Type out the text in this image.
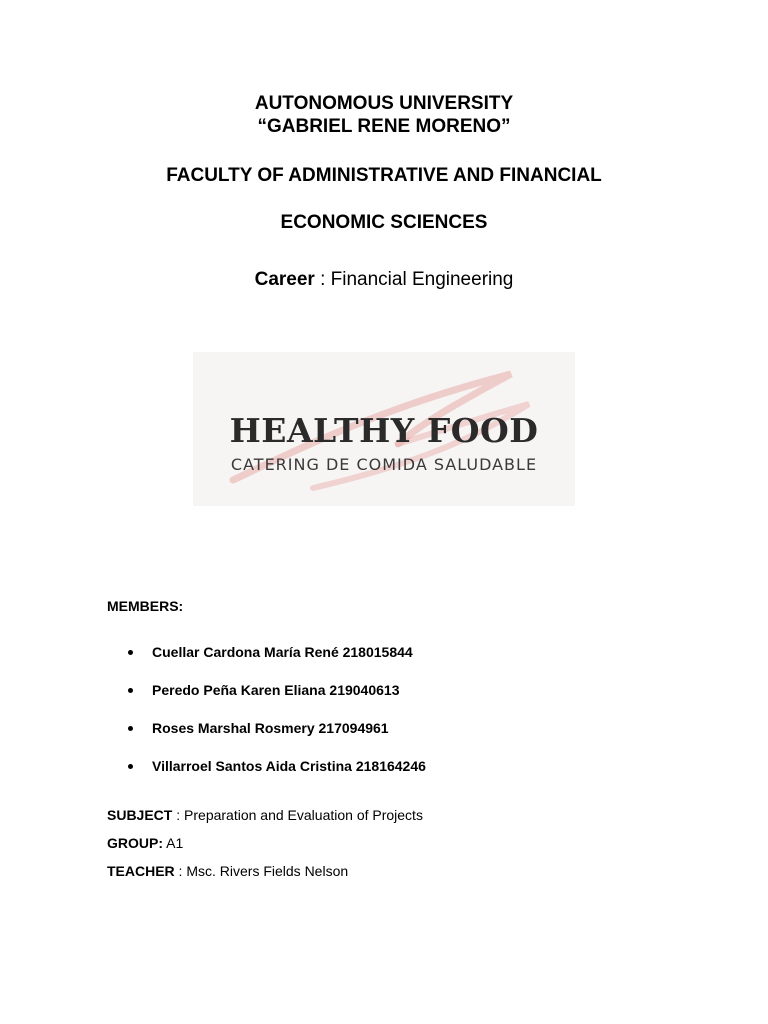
AUTONOMOUS UNIVERSITY
“GABRIEL RENE MORENO”
FACULTY OF ADMINISTRATIVE AND FINANCIAL
ECONOMIC SCIENCES
Career : Financial Engineering
HEALTHY FOOD
CATERING DE COMIDA SALUDABLE
MEMBERS:
Cuellar Cardona María René 218015844
Peredo Peña Karen Eliana 219040613
Roses Marshal Rosmery 217094961
Villarroel Santos Aida Cristina 218164246
SUBJECT : Preparation and Evaluation of Projects
GROUP: A1
TEACHER : Msc. Rivers Fields Nelson
